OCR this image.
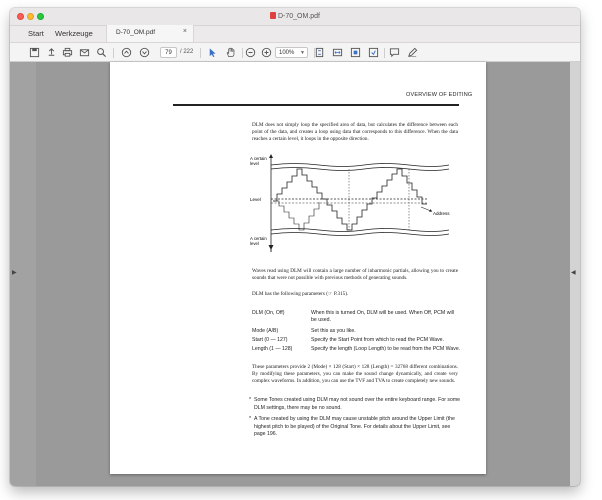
D-70_OM.pdf
Start Werkzeuge	D-70_OM.pdf	×
79	/ 222	100% ▼
▶	◀
OVERVIEW OF EDITING

DLM does not simply loop the specified area of data, but calculates the difference between each point of the data, and creates a loop using data that corresponds to this difference. When the data reaches a certain level, it loops in the opposite direction.

A certain
level
Level
A certain
level
Address

Waves read using DLM will contain a large number of inharmonic partials, allowing you to create sounds that were not possible with previous methods of generating sounds.

DLM has the following parameters (☞ P.315).

DLM (On, Off)	When this is turned On, DLM will be used. When Off, PCM will be used.
Mode (A/B)	Set this as you like.
Start (0 — 127)	Specify the Start Point from which to read the PCM Wave.
Length (1 — 128)	Specify the length (Loop Length) to be read from the PCM Wave.

These parameters provide 2 (Mode) × 128 (Start) × 128 (Length) = 32768 different combinations. By modifying these parameters, you can make the sound change dynamically, and create very complex waveforms. In addition, you can use the TVF and TVA to create completely new sounds.

* Some Tones created using DLM may not sound over the entire keyboard range. For some DLM settings, there may be no sound.
* A Tone created by using the DLM may cause unstable pitch around the Upper Limit (the highest pitch to be played) of the Original Tone. For details about the Upper Limit, see page 196.
